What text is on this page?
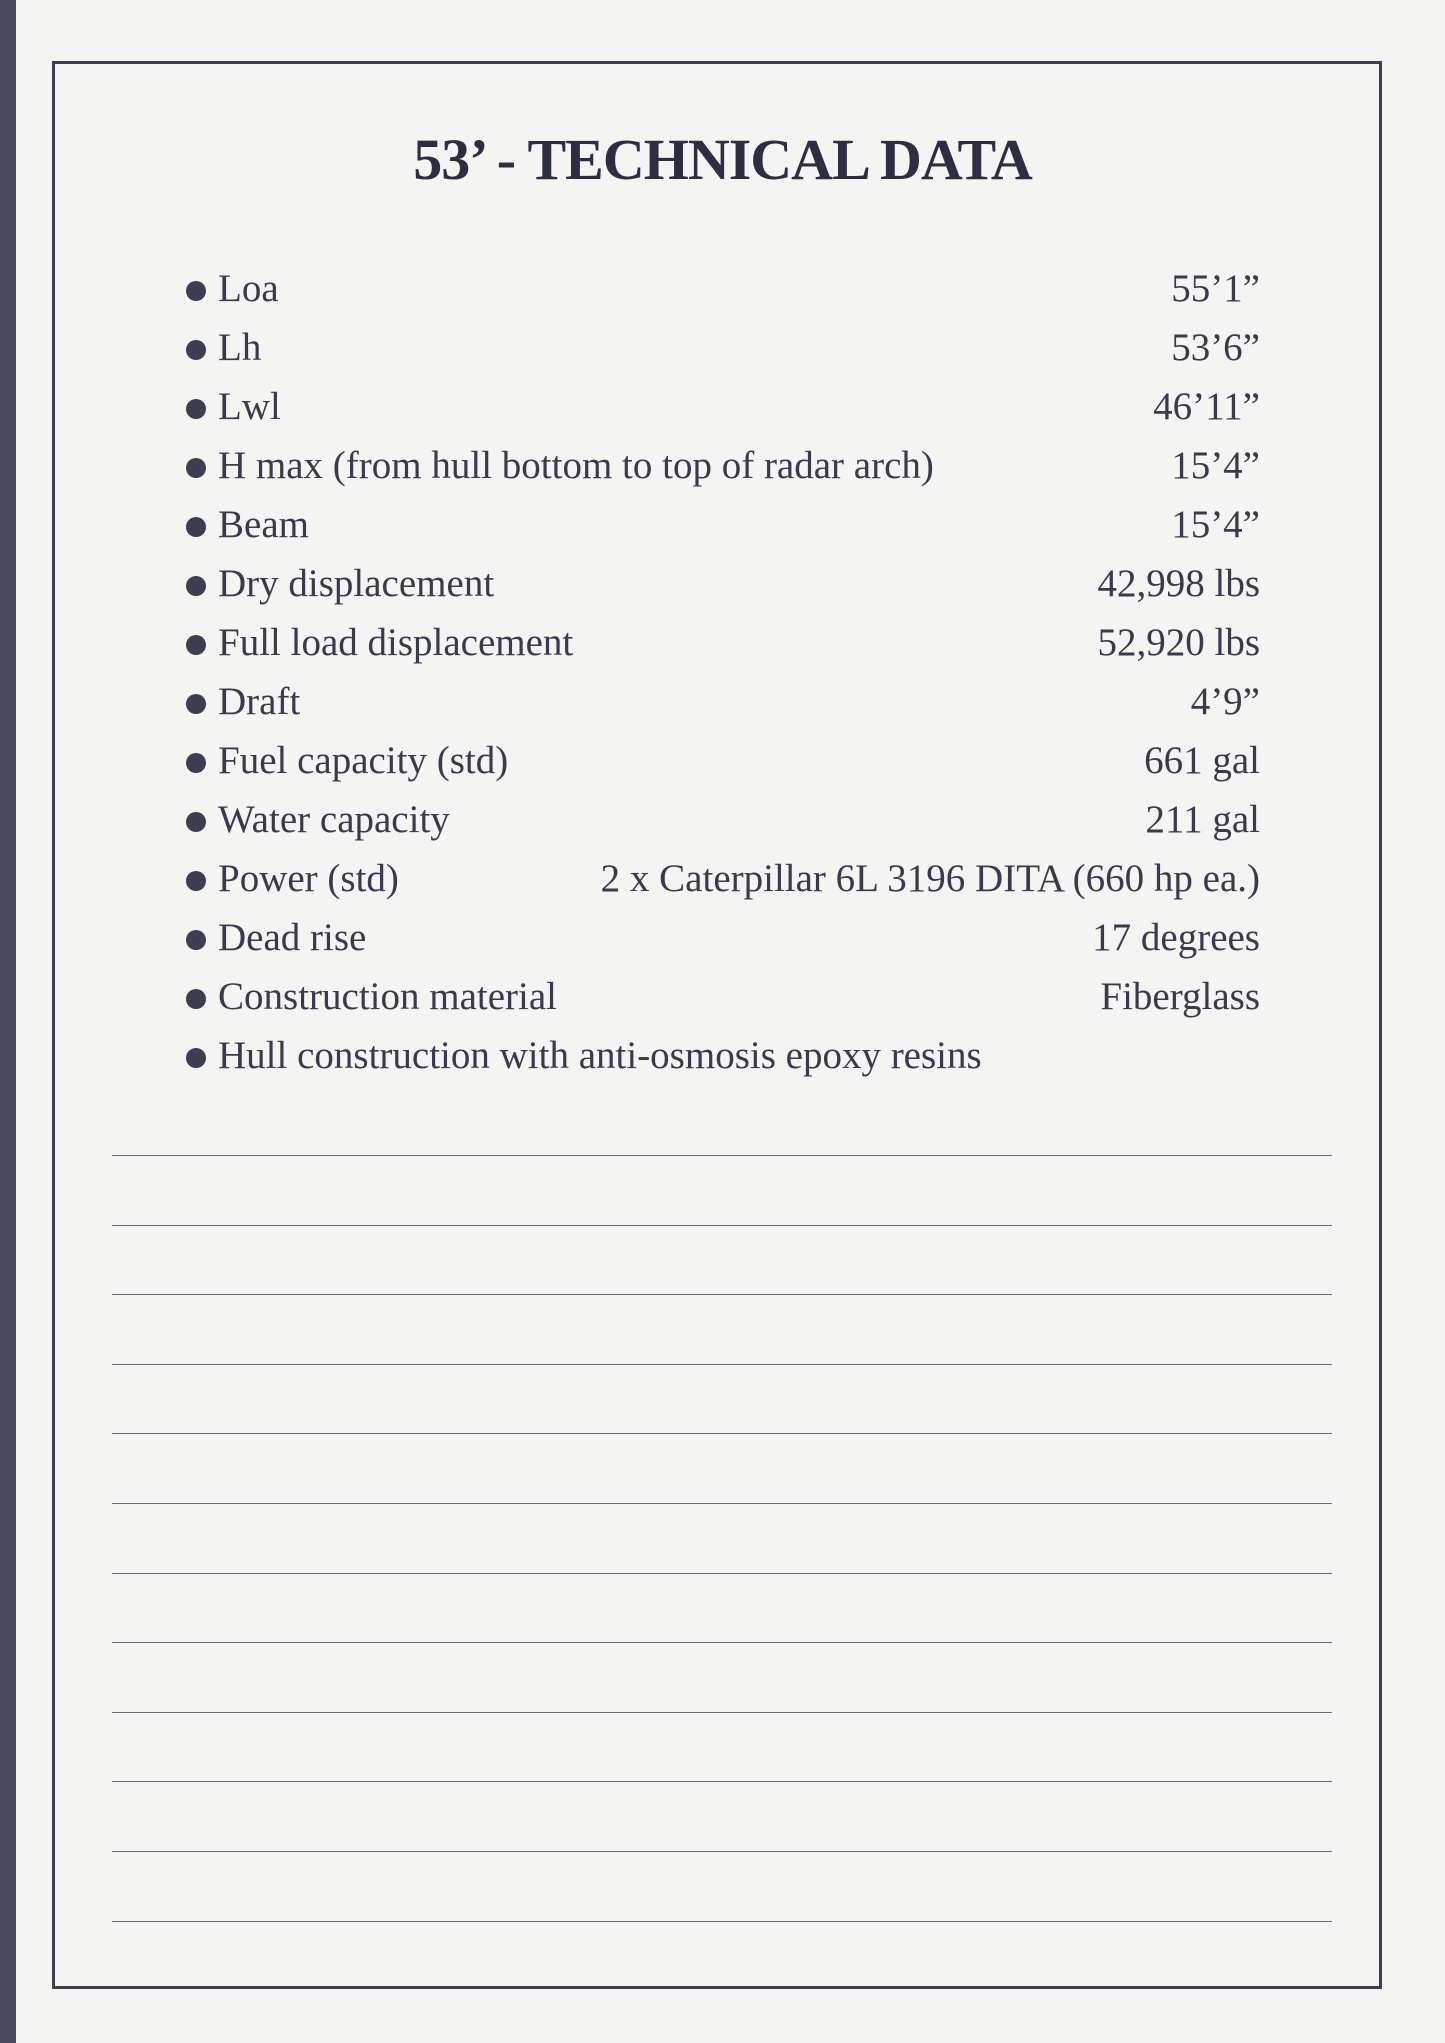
53’ - TECHNICAL DATA
Loa	55’1”
Lh	53’6”
Lwl	46’11”
H max (from hull bottom to top of radar arch)	15’4”
Beam	15’4”
Dry displacement	42,998 lbs
Full load displacement	52,920 lbs
Draft	4’9”
Fuel capacity (std)	661 gal
Water capacity	211 gal
Power (std)	2 x Caterpillar 6L 3196 DITA (660 hp ea.)
Dead rise	17 degrees
Construction material	Fiberglass
Hull construction with anti-osmosis epoxy resins
